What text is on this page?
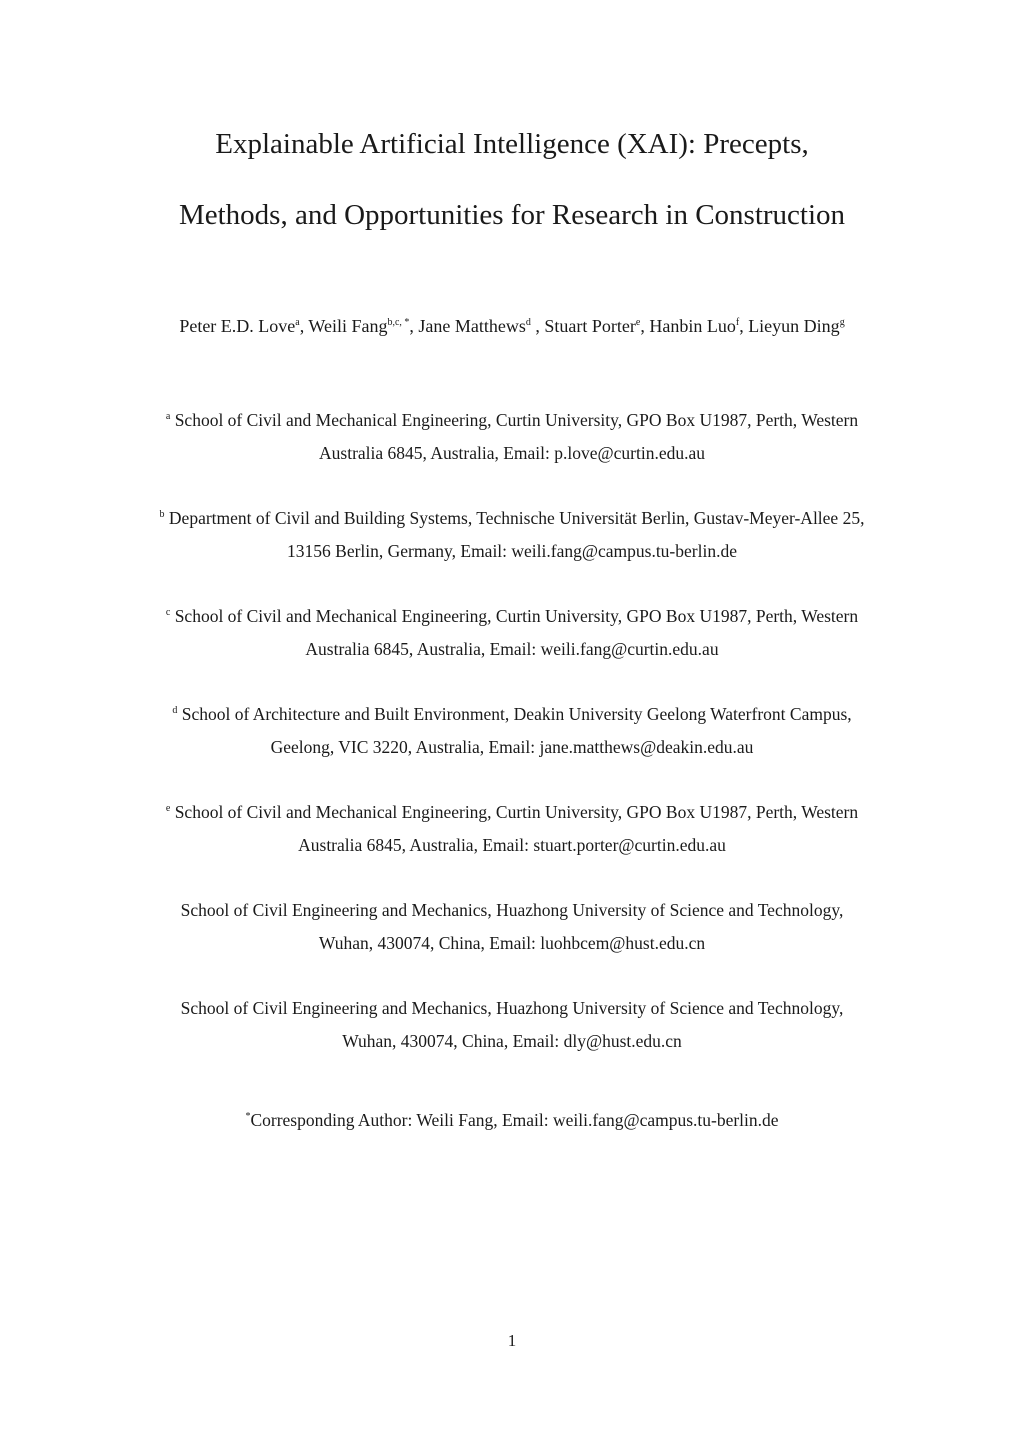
Explainable Artificial Intelligence (XAI): Precepts,
Methods, and Opportunities for Research in Construction
Peter E.D. Love$^a$, Weili Fang$^{b,c, *}$, Jane Matthews$^d$ , Stuart Porter$^e$, Hanbin Luo$^f$, Lieyun Ding$^g$
$^a$ School of Civil and Mechanical Engineering, Curtin University, GPO Box U1987, Perth, Western
Australia 6845, Australia, Email: p.love@curtin.edu.au
$^b$ Department of Civil and Building Systems, Technische Universität Berlin, Gustav-Meyer-Allee 25,
13156 Berlin, Germany, Email: weili.fang@campus.tu-berlin.de
$^c$ School of Civil and Mechanical Engineering, Curtin University, GPO Box U1987, Perth, Western
Australia 6845, Australia, Email: weili.fang@curtin.edu.au
$^d$ School of Architecture and Built Environment, Deakin University Geelong Waterfront Campus,
Geelong, VIC 3220, Australia, Email: jane.matthews@deakin.edu.au
$^e$ School of Civil and Mechanical Engineering, Curtin University, GPO Box U1987, Perth, Western
Australia 6845, Australia, Email: stuart.porter@curtin.edu.au
School of Civil Engineering and Mechanics, Huazhong University of Science and Technology,
Wuhan, 430074, China, Email: luohbcem@hust.edu.cn
School of Civil Engineering and Mechanics, Huazhong University of Science and Technology,
Wuhan, 430074, China, Email: dly@hust.edu.cn
*Corresponding Author: Weili Fang, Email: weili.fang@campus.tu-berlin.de
1
